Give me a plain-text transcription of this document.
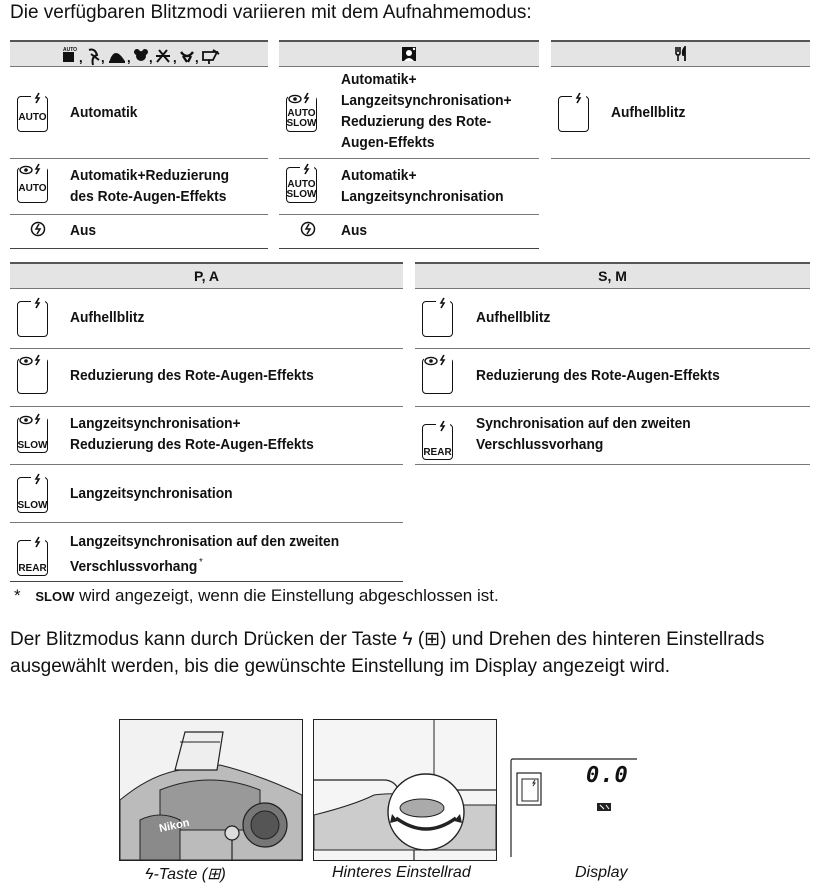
Die verfügbaren Blitzmodi variieren mit dem Aufnahmemodus:
AUTO , , , , , ,
AUTO Automatik
AUTO
Automatik+Reduzierung
des Rote-Augen-Effekts
Aus
AUTO
SLOW
Automatik+
Langzeitsynchronisation+
Reduzierung des Rote-
Augen-Effekts
AUTO
SLOW
Automatik+
Langzeitsynchronisation
Aus
Aufhellblitz
P, A	S, M
Aufhellblitz
Reduzierung des Rote-Augen-Effekts
SLOW
Langzeitsynchronisation+
Reduzierung des Rote-Augen-Effekts
SLOW
Langzeitsynchronisation
REAR
Langzeitsynchronisation auf den zweiten
Verschlussvorhang *
Aufhellblitz
Reduzierung des Rote-Augen-Effekts
REAR
Synchronisation auf den zweiten
Verschlussvorhang
* SLOW wird angezeigt, wenn die Einstellung abgeschlossen ist.
Der Blitzmodus kann durch Drücken der Taste ϟ (⊞) und Drehen des hinteren Einstellrads ausgewählt werden, bis die gewünschte Einstellung im Display angezeigt wird.
Nikon
ϟ-Taste (⊞)	Hinteres Einstellrad
0.0
Display
